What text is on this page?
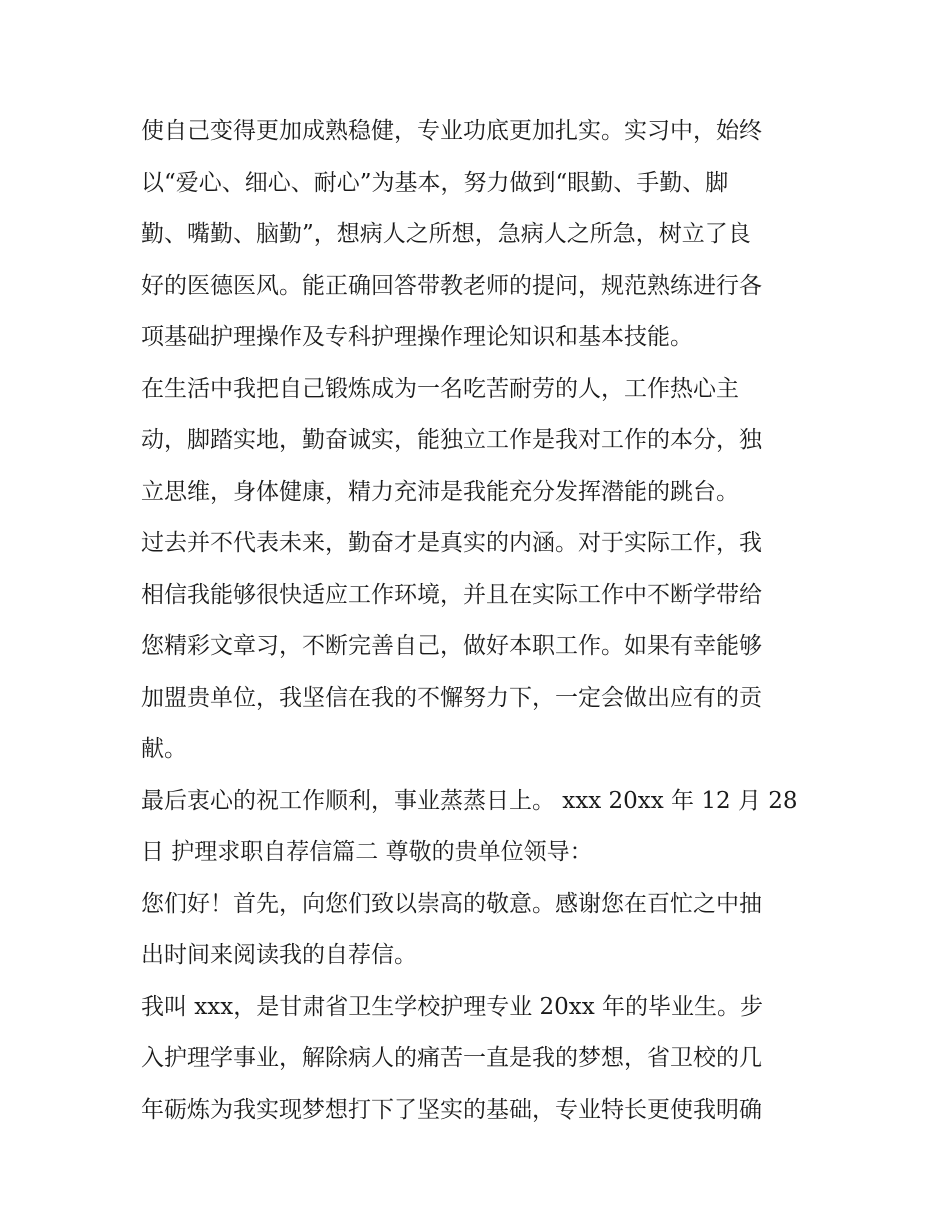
使自己变得更加成熟稳健，专业功底更加扎实。实习中，始终
以“爱心、细心、耐心”为基本，努力做到“眼勤、手勤、脚
勤、嘴勤、脑勤”，想病人之所想，急病人之所急，树立了良
好的医德医风。能正确回答带教老师的提问，规范熟练进行各
项基础护理操作及专科护理操作理论知识和基本技能。
在生活中我把自己锻炼成为一名吃苦耐劳的人，工作热心主
动，脚踏实地，勤奋诚实，能独立工作是我对工作的本分，独
立思维，身体健康，精力充沛是我能充分发挥潜能的跳台。
过去并不代表未来，勤奋才是真实的内涵。对于实际工作，我
相信我能够很快适应工作环境，并且在实际工作中不断学带给
您精彩文章习，不断完善自己，做好本职工作。如果有幸能够
加盟贵单位，我坚信在我的不懈努力下，一定会做出应有的贡
献。
最后衷心的祝工作顺利，事业蒸蒸日上。 xxx 20xx 年 12 月 28
日 护理求职自荐信篇二 尊敬的贵单位领导：
您们好！首先，向您们致以崇高的敬意。感谢您在百忙之中抽
出时间来阅读我的自荐信。
我叫 xxx，是甘肃省卫生学校护理专业 20xx 年的毕业生。步
入护理学事业，解除病人的痛苦一直是我的梦想，省卫校的几
年砺炼为我实现梦想打下了坚实的基础，专业特长更使我明确
